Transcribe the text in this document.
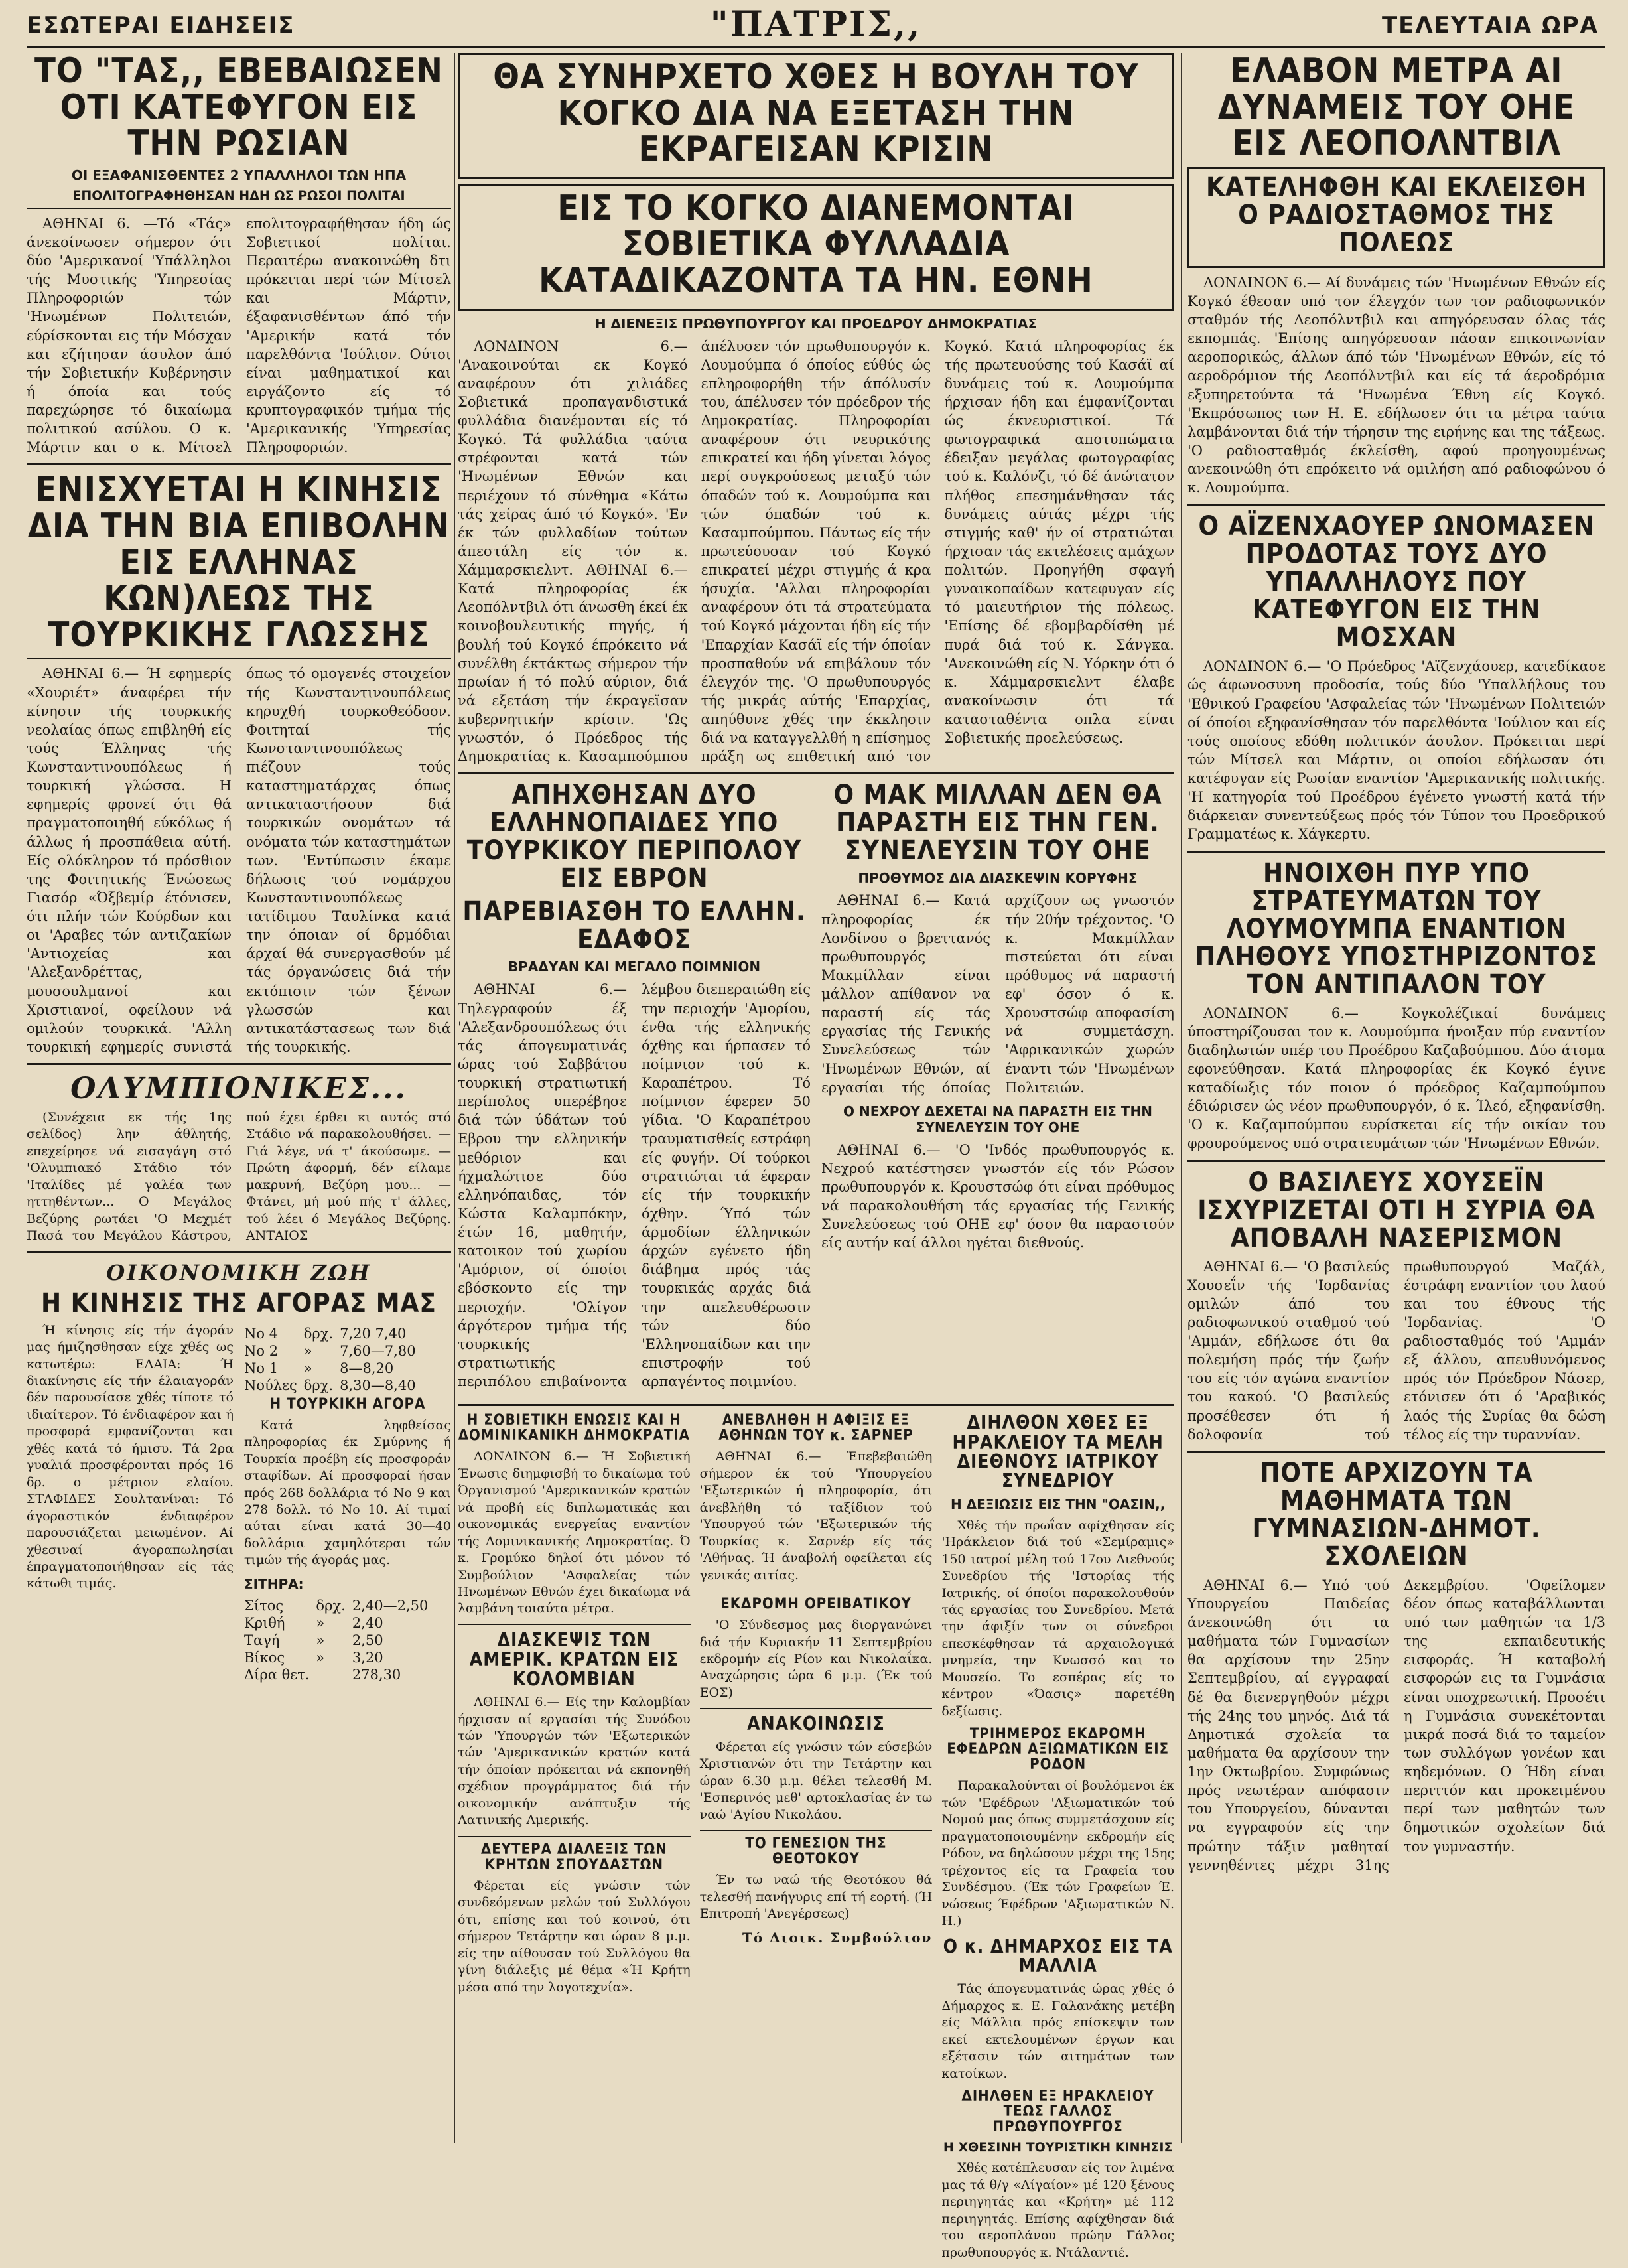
ΕΣΩΤΕΡΑΙ ΕΙΔΗΣΕΙΣ	"ΠΑΤΡΙΣ,,	ΤΕΛΕΥΤΑΙΑ ΩΡΑ
ΤΟ "ΤΑΣ,, ΕΒΕΒΑΙΩΣΕΝ ΟΤΙ ΚΑΤΕΦΥΓΟΝ ΕΙΣ ΤΗΝ ΡΩΣΙΑΝ
ΟΙ ΕΞΑΦΑΝΙΣΘΕΝΤΕΣ 2 ΥΠΑΛΛΗΛΟΙ ΤΩΝ ΗΠΑ
ΕΠΟΛΙΤΟΓΡΑΦΗΘΗΣΑΝ ΗΔΗ ΩΣ ΡΩΣΟΙ ΠΟΛΙΤΑΙ

ΑΘΗΝΑΙ 6. —Τό «Τάς» άνεκοίνωσεν σήμερον ότι δύο 'Αμερικανοί 'Υπάλληλοι τής Μυστικής 'Υπηρεσίας Πληροφοριών τών 'Ηνωμένων Πολιτειών, εύρίσκονται εις τήν Μόσχαν και εζήτησαν άσυλον άπό τήν Σοβιετικήν Κυβέρνησιν ή όποία και τούς παρεχώρησε τό δικαίωμα πολιτικού ασύλου. Ο κ. Μάρτιν και ο κ. Μίτσελ επολιτογραφήθησαν ήδη ώς Σοβιετικοί πολίται. Περαιτέρω ανακοινώθη δτι πρόκειται περί τών Μίτσελ και Μάρτιν, έξαφανισθέντων άπό τήν 'Αμερικήν κατά τόν παρελθόντα 'Ιούλιον. Ούτοι είναι μαθηματικοί και ειργάζοντο είς τό κρυπτογραφικόν τμήμα τής 'Αμερικανικής 'Υπηρεσίας Πληροφοριών.

ΕΝΙΣΧΥΕΤΑΙ Η ΚΙΝΗΣΙΣ ΔΙΑ ΤΗΝ ΒΙΑ ΕΠΙΒΟΛΗΝ ΕΙΣ ΕΛΛΗΝΑΣ ΚΩΝ)ΛΕΩΣ ΤΗΣ ΤΟΥΡΚΙΚΗΣ ΓΛΩΣΣΗΣ

ΑΘΗΝΑΙ 6.— Ή εφημερίς «Χουριέτ» άναφέρει τήν κίνησιν τής τουρκικής νεολαίας όπως επιβληθή είς τούς Έλληνας τής Κωνσταντινουπόλεως ή τουρκική γλώσσα. Η εφημερίς φρονεί ότι θά πραγματοποιηθή εύκόλως ή άλλως ή προσπάθεια αύτή. Είς ολόκληρον τό πρόσθιον της Φοιτητικής Ένώσεως Γιασόρ «Όξβεμίρ έτόνισεν, ότι πλήν τών Κούρδων και οι 'Αραβες τών αντιζακίων 'Αντιοχείας και 'Αλεξανδρέττας, μουσουλμανοί και Χριστιανοί, οφείλουν νά ομιλούν τουρκικά. 'Αλλη τουρκική εφημερίς συνιστά όπως τό ομογενές στοιχείον τής Κωνσταντινουπόλεως κηρυχθή τουρκοθεόδοον. Φοιτηταί τής Κωνσταντινουπόλεως πιέζουν τούς καταστηματάρχας όπως αντικαταστήσουν διά τουρκικών ονομάτων τά ονόματα τών καταστημάτων των. 'Εντύπωσιν έκαμε δήλωσις τού νομάρχου Κωνσταντινουπόλεως τατίδιμου Ταυλίνκα κατά την όποιαν οί δρμόδιαι άρχαί θά συνεργασθούν μέ τάς όργανώσεις διά τήν εκτόπισιν τών ξένων γλωσσών και αντικατάστασεως των διά τής τουρκικής.

ΟΛΥΜΠΙΟΝΙΚΕΣ...

(Συνέχεια εκ τής 1ης σελίδος) λην άθλητής, επεχείρησε νά εισαγάγη στό 'Ολυμπιακό Στάδιο τόν 'Ιταλίδες μέ γαλέα των ηττηθέντων... Ο Μεγάλος Βεζύρης ρωτάει 'Ο Μεχμέτ Πασά του Μεγάλου Κάστρου, πού έχει έρθει κι αυτός στό Στάδιο νά παρακολουθήσει. —Γιά λέγε, νά τ' άκούσωμε. —Πρώτη άφορμή, δέν είλαμε μακρυνή, Βεζύρη μου... —Φτάνει, μή μού πής τ' άλλες, τού λέει ό Μεγάλος Βεζύρης. ΑΝΤΑΙΟΣ

ΟΙΚΟΝΟΜΙΚΗ ΖΩΗ
Η ΚΙΝΗΣΙΣ ΤΗΣ ΑΓΟΡΑΣ ΜΑΣ

Ή κίνησις είς τήν άγοράν μας ήμιζησθησαν είχε χθές ως κατωτέρω: ΕΛΑΙΑ: Ή διακίνησις είς τήν έλαιαγοράν δέν παρουσίασε χθές τίποτε τό ιδιαίτερον. Τό ένδιαφέρον και ή προσφορά εμφανίζονται και χθές κατά τό ήμισυ. Τά 2ρα γυαλιά προσφέρονται πρός 16 δρ. ο μέτριον ελαίου. ΣΤΑΦΙΔΕΣ Σουλτανίναι: Τό άγοραστικόν ένδιαφέρον παρουσιάζεται μειωμένον. Αί χθεσιναί άγοραπωλησίαι έπραγματοποιήθησαν είς τάς κάτωθι τιμάς.

Νο 4	δρχ.	7,20 7,40
Νο 2	»	7,60—7,80
Νο 1	»	8—8,20
Νούλες	δρχ.	8,30—8,40
Η ΤΟΥΡΚΙΚΗ ΑΓΟΡΑ

Κατά ληφθείσας πληροφορίας έκ Σμύρνης ή Τουρκία προέβη είς προσφοράν σταφίδων. Αί προσφοραί ήσαν πρός 268 δολλάρια τό Νο 9 και 278 δολλ. τό Νο 10. Αί τιμαί αύται είναι κατά 30—40 δολλάρια χαμηλότεραι τών τιμών τής άγοράς μας.

ΣΙΤΗΡΑ:
Σίτος	δρχ.	2,40—2,50
Κριθή	»	2,40
Ταγή	»	2,50
Βίκος	»	3,20
Δίρα θετ.		278,30
ΘΑ ΣΥΝΗΡΧΕΤΟ ΧΘΕΣ Η ΒΟΥΛΗ ΤΟΥ ΚΟΓΚΟ ΔΙΑ ΝΑ ΕΞΕΤΑΣΗ ΤΗΝ ΕΚΡΑΓΕΙΣΑΝ ΚΡΙΣΙΝ
ΕΙΣ ΤΟ ΚΟΓΚΟ ΔΙΑΝΕΜΟΝΤΑΙ ΣΟΒΙΕΤΙΚΑ ΦΥΛΛΑΔΙΑ ΚΑΤΑΔΙΚΑΖΟΝΤΑ ΤΑ ΗΝ. ΕΘΝΗ
Η ΔΙΕΝΕΞΙΣ ΠΡΩΘΥΠΟΥΡΓΟΥ ΚΑΙ ΠΡΟΕΔΡΟΥ ΔΗΜΟΚΡΑΤΙΑΣ

ΛΟΝΔΙΝΟΝ 6.— 'Ανακοινούται εκ Κογκό αναφέρουν ότι χιλιάδες Σοβιετικά προπαγανδιστικά φυλλάδια διανέμονται είς τό Κογκό. Τά φυλλάδια ταύτα στρέφονται κατά τών 'Ηνωμένων Εθνών και περιέχουν τό σύνθημα «Κάτω τάς χείρας άπό τό Κογκό». 'Εν έκ τών φυλλαδίων τούτων άπεστάλη είς τόν κ. Χάμμαρσκιελντ. ΑΘΗΝΑΙ 6.— Κατά πληροφορίας έκ Λεοπόλντβιλ ότι άνωσθη έκεί έκ κοινοβουλευτικής πηγής, ή βουλή τού Κογκό έπρόκειτο νά συνέλθη έκτάκτως σήμερον τήν πρωίαν ή τό πολύ αύριον, διά νά εξετάση τήν έκραγεϊσαν κυβερνητικήν κρίσιν. 'Ως γνωστόν, ό Πρόεδρος τής Δημοκρατίας κ. Κασαμπούμπου άπέλυσεν τόν πρωθυπουργόν κ. Λουμούμπα ό όποίος εύθύς ώς επληροφορήθη τήν άπόλυσίν του, άπέλυσεν τόν πρόεδρον τής Δημοκρατίας. Πληροφορίαι αναφέρουν ότι νευρικότης επικρατεί και ήδη γίνεται λόγος περί συγκρούσεως μεταξύ τών όπαδών τού κ. Λουμούμπα και τών όπαδών τού κ. Κασαμπούμπου. Πάντως είς τήν πρωτεύουσαν τού Κογκό επικρατεί μέχρι στιγμής ά κρα ήσυχία. 'Αλλαι πληροφορίαι αναφέρουν ότι τά στρατεύματα τού Κογκό μάχονται ήδη είς τήν 'Επαρχίαν Κασάϊ είς τήν όποίαν προσπαθούν νά επιβάλουν τόν έλεγχόν της. 'Ο πρωθυπουργός τής μικράς αύτής 'Επαρχίας, απηύθυνε χθές την έκκλησιν διά να καταγγελλθή η επίσημος πράξη ως επιθετική από τον Κογκό. Κατά πληροφορίας έκ τής πρωτευούσης τού Κασάϊ αί δυνάμεις τού κ. Λουμούμπα ήρχισαν ήδη και έμφανίζονται ώς έκνευριστικοί. Τά φωτογραφικά αποτυπώματα έδειξαν μεγάλας φωτογραφίας τού κ. Καλόνζι, τό δέ άνώτατον πλήθος επεσημάνθησαν τάς δυνάμεις αύτάς μέχρι τής στιγμής καθ' ήν οί στρατιώται ήρχισαν τάς εκτελέσεις αμάχων πολιτών. Προηγήθη σφαγή γυναικοπαίδων κατεφυγαν είς τό μαιευτήριον τής πόλεως. 'Επίσης δέ εβομβαρδίσθη μέ πυρά διά τού κ. Σάνγκα. 'Ανεκοινώθη είς Ν. Υόρκην ότι ό κ. Χάμμαρσκιελντ έλαβε ανακοίνωσιν ότι τά κατασταθέντα οπλα είναι Σοβιετικής προελεύσεως.

ΑΠΗΧΘΗΣΑΝ ΔΥΟ ΕΛΛΗΝΟΠΑΙΔΕΣ ΥΠΟ ΤΟΥΡΚΙΚΟΥ ΠΕΡΙΠΟΛΟΥ ΕΙΣ ΕΒΡΟΝ
ΠΑΡΕΒΙΑΣΘΗ ΤΟ ΕΛΛΗΝ. ΕΔΑΦΟΣ
ΒΡΑΔΥΑΝ ΚΑΙ ΜΕΓΑΛΟ ΠΟΙΜΝΙΟΝ

ΑΘΗΝΑΙ 6.— Τηλεγραφούν έξ 'Αλεξανδρουπόλεως ότι τάς άπογευματινάς ώρας τού Σαββάτου τουρκική στρατιωτική περίπολος υπερέβησε διά τών ύδάτων τού Εβρου την ελληνικήν μεθόριον και ήχμαλώτισε δύο ελληνόπαιδας, τόν Κώστα Καλαμπόκην, έτών 16, μαθητήν, κατοικον τού χωρίου 'Αμόριον, οί όποίοι εβόσκοντο είς την περιοχήν. 'Ολίγον άργότερον τμήμα τής τουρκικής στρατιωτικής περιπόλου επιβαίνοντα λέμβου διεπεραιώθη είς την περιοχήν 'Αμορίου, ένθα τής ελληνικής όχθης και ήρπασεν τό ποίμνιον τού κ. Καραπέτρου. Τό ποίμνιον έφερεν 50 γίδια. 'Ο Καραπέτρου τραυματισθείς εστράφη είς φυγήν. Οί τούρκοι στρατιώται τά έφεραν είς τήν τουρκικήν όχθην. Ύπό τών άρμοδίων έλληνικών άρχών εγένετο ήδη διάβημα πρός τάς τουρκικάς αρχάς διά την απελευθέρωσιν τών δύο 'Ελληνοπαίδων και την επιστροφήν τού αρπαγέντος ποιμνίου.

Ο ΜΑΚ ΜΙΛΛΑΝ ΔΕΝ ΘΑ ΠΑΡΑΣΤΗ ΕΙΣ ΤΗΝ ΓΕΝ. ΣΥΝΕΛΕΥΣΙΝ ΤΟΥ ΟΗΕ
ΠΡΟΘΥΜΟΣ ΔΙΑ ΔΙΑΣΚΕΨΙΝ ΚΟΡΥΦΗΣ

ΑΘΗΝΑΙ 6.— Κατά πληροφορίας έκ Λονδίνου ο βρεττανός πρωθυπουργός Μακμίλλαν είναι μάλλον απίθανον να παραστή είς τάς εργασίας τής Γενικής Συνελεύσεως τών 'Ηνωμένων Εθνών, αί εργασίαι τής όποίας αρχίζουν ως γνωστόν τήν 20ήν τρέχοντος. 'Ο κ. Μακμίλλαν πιστεύεται ότι είναι πρόθυμος νά παραστή εφ' όσον ό κ. Χρουστσώφ αποφασίση νά συμμετάσχη. 'Αφρικανικών χωρών έναντι τών 'Ηνωμένων Πολιτειών.

Ο ΝΕΧΡΟΥ ΔΕΧΕΤΑΙ ΝΑ ΠΑΡΑΣΤΗ ΕΙΣ ΤΗΝ ΣΥΝΕΛΕΥΣΙΝ ΤΟΥ ΟΗΕ

ΑΘΗΝΑΙ 6.— 'Ο 'Ινδός πρωθυπουργός κ. Νεχρού κατέστησεν γνωστόν είς τόν Ρώσον πρωθυπουργόν κ. Κρουστσώφ ότι είναι πρόθυμος νά παρακολουθήση τάς εργασίας τής Γενικής Συνελεύσεως τού ΟΗΕ εφ' όσον θα παραστούν είς αυτήν καί άλλοι ηγέται διεθνούς.

Η ΣΟΒΙΕΤΙΚΗ ΕΝΩΣΙΣ ΚΑΙ Η ΔΟΜΙΝΙΚΑΝΙΚΗ ΔΗΜΟΚΡΑΤΙΑ

ΛΟΝΔΙΝΟΝ 6.— Ή Σοβιετική Ένωσις διημφισβή το δικαίωμα τού Όργανισμού 'Αμερικανικών κρατών νά προβή είς διπλωματικάς και οικονομικάς ενεργείας εναντίον τής Δομινικανικής Δημοκρατίας. Ό κ. Γρομύκο δηλοί ότι μόνον τό Συμβούλιον 'Ασφαλείας τών Ηνωμένων Εθνών έχει δικαίωμα νά λαμβάνη τοιαύτα μέτρα.

ΔΙΑΣΚΕΨΙΣ ΤΩΝ ΑΜΕΡΙΚ. ΚΡΑΤΩΝ ΕΙΣ ΚΟΛΟΜΒΙΑΝ

ΑΘΗΝΑΙ 6.— Είς την Καλομβίαν ήρχισαν αί εργασίαι τής Συνόδου τών 'Υπουργών τών 'Εξωτερικών τών 'Αμερικανικών κρατών κατά τήν όποίαν πρόκειται νά εκπονηθή σχέδιον προγράμματος διά τήν οικονομικήν ανάπτυξιν τής Λατινικής Αμερικής.

ΔΕΥΤΕΡΑ ΔΙΑΛΕΞΙΣ ΤΩΝ ΚΡΗΤΩΝ ΣΠΟΥΔΑΣΤΩΝ

Φέρεται είς γνώσιν τών συνδεόμενων μελών τού Συλλόγου ότι, επίσης και τού κοινού, ότι σήμερον Τετάρτην και ώραν 8 μ.μ. είς την αίθουσαν τού Συλλόγου θα γίνη διάλεξις μέ θέμα «Ή Κρήτη μέσα από την λογοτεχνία».

ΑΝΕΒΛΗΘΗ Η ΑΦΙΞΙΣ ΕΞ ΑΘΗΝΩΝ ΤΟΥ κ. ΣΑΡΝΕΡ

ΑΘΗΝΑΙ 6.— Έπεβεβαιώθη σήμερον έκ τού 'Υπουργείου 'Εξωτερικών ή πληροφορία, ότι άνεβλήθη τό ταξίδιον τού 'Υπουργού τών 'Εξωτερικών τής Τουρκίας κ. Σαρνέρ είς τάς 'Αθήνας. Ή άναβολή οφείλεται είς γενικάς αιτίας.

ΕΚΔΡΟΜΗ ΟΡΕΙΒΑΤΙΚΟΥ

'Ο Σύνδεσμος μας διοργανώνει διά τήν Κυριακήν 11 Σεπτεμβρίου εκδρομήν είς Ρίον και Νικολαΐκα. Αναχώρησις ώρα 6 μ.μ. (Έκ τού ΕΟΣ)

ΑΝΑΚΟΙΝΩΣΙΣ

Φέρεται είς γνώσιν τών εύσεβών Χριστιανών ότι την Τετάρτην και ώραν 6.30 μ.μ. θέλει τελεσθή Μ. 'Εσπερινός μεθ' αρτοκλασίας έν τω ναώ 'Αγίου Νικολάου.

ΤΟ ΓΕΝΕΣΙΟΝ ΤΗΣ ΘΕΟΤΟΚΟΥ

Έν τω ναώ τής Θεοτόκου θά τελεσθή πανήγυρις επί τή εορτή. (Ή Επιτροπή 'Ανεγέρσεως)

Τό Διοικ. Συμβούλιον
ΔΙΗΛΘΟΝ ΧΘΕΣ ΕΞ ΗΡΑΚΛΕΙΟΥ ΤΑ ΜΕΛΗ ΔΙΕΘΝΟΥΣ ΙΑΤΡΙΚΟΥ ΣΥΝΕΔΡΙΟΥ
Η ΔΕΞΙΩΣΙΣ ΕΙΣ ΤΗΝ "ΟΑΣΙΝ,,

Χθές τήν πρωΐαν αφίχθησαν είς 'Ηράκλειον διά τού «Σεμίραμις» 150 ιατροί μέλη τού 17ου Διεθνούς Συνεδρίου τής 'Ιστορίας τής Ιατρικής, οί όποίοι παρακολουθούν τάς εργασίας του Συνεδρίου. Μετά την άφιξίν των οι σύνεδροι επεσκέφθησαν τά αρχαιολογικά μνημεία, την Κνωσσό και το Μουσείο. Το εσπέρας είς το κέντρον «Όασις» παρετέθη δεξίωσις.

ΤΡΙΗΜΕΡΟΣ ΕΚΔΡΟΜΗ ΕΦΕΔΡΩΝ ΑΞΙΩΜΑΤΙΚΩΝ ΕΙΣ ΡΟΔΟΝ

Παρακαλούνται οί βουλόμενοι έκ τών 'Εφέδρων 'Αξιωματικών τού Νομού μας όπως συμμετάσχουν είς πραγματοποιουμένην εκδρομήν είς Ρόδον, να δηλώσουν μέχρι της 15ης τρέχοντος είς τα Γραφεία του Συνδέσμου. (Έκ τών Γραφείων Έ. νώσεως Έφέδρων 'Αξιωματικών Ν. Η.)

Ο κ. ΔΗΜΑΡΧΟΣ ΕΙΣ ΤΑ ΜΑΛΛΙΑ

Τάς άπογευματινάς ώρας χθές ό Δήμαρχος κ. Ε. Γαλανάκης μετέβη είς Μάλλια πρός επίσκεψιν των εκεί εκτελουμένων έργων και εξέτασιν τών αιτημάτων των κατοίκων.

ΔΙΗΛΘΕΝ ΕΞ ΗΡΑΚΛΕΙΟΥ ΤΕΩΣ ΓΑΛΛΟΣ ΠΡΩΘΥΠΟΥΡΓΟΣ
Η ΧΘΕΣΙΝΗ ΤΟΥΡΙΣΤΙΚΗ ΚΙΝΗΣΙΣ

Χθές κατέπλευσαν είς τον λιμένα μας τά θ/γ «Αίγαίον» μέ 120 ξένους περιηγητάς και «Κρήτη» μέ 112 περιηγητάς. Επίσης αφίχθησαν διά του αεροπλάνου πρώην Γάλλος πρωθυπουργός κ. Ντάλαντιέ.

ΕΛΑΒΟΝ ΜΕΤΡΑ ΑΙ ΔΥΝΑΜΕΙΣ ΤΟΥ ΟΗΕ ΕΙΣ ΛΕΟΠΟΛΝΤΒΙΛ
ΚΑΤΕΛΗΦΘΗ ΚΑΙ ΕΚΛΕΙΣΘΗ Ο ΡΑΔΙΟΣΤΑΘΜΟΣ ΤΗΣ ΠΟΛΕΩΣ

ΛΟΝΔΙΝΟΝ 6.— Αί δυνάμεις τών 'Ηνωμένων Εθνών είς Κογκό έθεσαν υπό τον έλεγχόν των τον ραδιοφωνικόν σταθμόν τής Λεοπόλντβιλ και απηγόρευσαν όλας τάς εκπομπάς. 'Επίσης απηγόρευσαν πάσαν επικοινωνίαν αεροπορικώς, άλλων άπό τών 'Ηνωμένων Εθνών, είς τό αεροδρόμιον τής Λεοπόλντβιλ και είς τά άεροδρόμια εξυπηρετούντα τά 'Ηνωμένα Έθνη είς Κογκό. 'Εκπρόσωπος των Η. Ε. εδήλωσεν ότι τα μέτρα ταύτα λαμβάνονται διά τήν τήρησιν της ειρήνης και της τάξεως. 'Ο ραδιοσταθμός έκλείσθη, αφού προηγουμένως ανεκοινώθη ότι επρόκειτο νά ομιλήση από ραδιοφώνου ό κ. Λουμούμπα.

Ο ΑΪΖΕΝΧΑΟΥΕΡ ΩΝΟΜΑΣΕΝ ΠΡΟΔΟΤΑΣ ΤΟΥΣ ΔΥΟ ΥΠΑΛΛΗΛΟΥΣ ΠΟΥ ΚΑΤΕΦΥΓΟΝ ΕΙΣ ΤΗΝ ΜΟΣΧΑΝ

ΛΟΝΔΙΝΟΝ 6.— 'Ο Πρόεδρος 'Αϊζενχάουερ, κατεδίκασε ώς άφωνοσυνη προδοσία, τούς δύο 'Υπαλλήλους του 'Εθνικού Γραφείου 'Ασφαλείας τών 'Ηνωμένων Πολιτειών οί όποίοι εξηφανίσθησαν τόν παρελθόντα 'Ιούλιον και είς τούς οποίους εδόθη πολιτικόν άσυλον. Πρόκειται περί τών Μίτσελ και Μάρτιν, οι οποίοι εδήλωσαν ότι κατέφυγαν είς Ρωσίαν εναντίον 'Αμερικανικής πολιτικής. 'Η κατηγορία τού Προέδρου έγένετο γνωστή κατά τήν διάρκειαν συνεντεύξεως πρός τόν Τύπον του Προεδρικού Γραμματέως κ. Χάγκερτυ.

ΗΝΟΙΧΘΗ ΠΥΡ ΥΠΟ ΣΤΡΑΤΕΥΜΑΤΩΝ ΤΟΥ ΛΟΥΜΟΥΜΠΑ ΕΝΑΝΤΙΟΝ ΠΛΗΘΟΥΣ ΥΠΟΣΤΗΡΙΖΟΝΤΟΣ ΤΟΝ ΑΝΤΙΠΑΛΟΝ ΤΟΥ

ΛΟΝΔΙΝΟΝ 6.— Κογκολέζικαί δυνάμεις ύποστηρίζουσαι τον κ. Λουμούμπα ήνοιξαν πύρ εναντίον διαδηλωτών υπέρ του Προέδρου Καζαβούμπου. Δύο άτομα εφονεύθησαν. Κατά πληροφορίας έκ Κογκό έγινε καταδίωξις τόν ποιον ό πρόεδρος Καζαμπούμπου έδιώρισεν ώς νέον πρωθυπουργόν, ό κ. Ίλεό, εξηφανίσθη. 'Ο κ. Καζαμπούμπου ευρίσκεται είς τήν οικίαν του φρουρούμενος υπό στρατευμάτων τών 'Ηνωμένων Εθνών.

Ο ΒΑΣΙΛΕΥΣ ΧΟΥΣΕΪΝ ΙΣΧΥΡΙΖΕΤΑΙ ΟΤΙ Η ΣΥΡΙΑ ΘΑ ΑΠΟΒΑΛΗ ΝΑΣΕΡΙΣΜΟΝ

ΑΘΗΝΑΙ 6.— 'Ο βασιλεύς Χουσεΐν τής 'Ιορδανίας ομιλών άπό του ραδιοφωνικού σταθμού τού 'Αμμάν, εδήλωσε ότι θα πολεμήση πρός τήν ζωήν του είς τόν αγώνα εναντίον του κακού. 'Ο βασιλεύς προσέθεσεν ότι ή δολοφονία τού πρωθυπουργού Μαζάλ, έστράφη εναντίον του λαού και του έθνους τής 'Ιορδανίας. 'Ο ραδιοσταθμός τού 'Αμμάν εξ άλλου, απευθυνόμενος πρός τόν Πρόεδρον Νάσερ, ετόνισεν ότι ό 'Αραβικός λαός τής Συρίας θα δώση τέλος είς την τυραννίαν.

ΠΟΤΕ ΑΡΧΙΖΟΥΝ ΤΑ ΜΑΘΗΜΑΤΑ ΤΩΝ ΓΥΜΝΑΣΙΩΝ-ΔΗΜΟΤ. ΣΧΟΛΕΙΩΝ

ΑΘΗΝΑΙ 6.— Υπό τού Υπουργείου Παιδείας άνεκοινώθη ότι τα μαθήματα τών Γυμνασίων θα αρχίσουν την 25ην Σεπτεμβρίου, αί εγγραφαί δέ θα διενεργηθούν μέχρι τής 24ης του μηνός. Διά τά Δημοτικά σχολεία τα μαθήματα θα αρχίσουν την 1ην Οκτωβρίου. Συμφώνως πρός νεωτέραν απόφασιν του Υπουργείου, δύνανται να εγγραφούν είς την πρώτην τάξιν μαθηταί γεννηθέντες μέχρι 31ης Δεκεμβρίου. 'Οφείλομεν δέον όπως καταβάλλωνται υπό των μαθητών τα 1/3 της εκπαιδευτικής εισφοράς. Ή καταβολή εισφορών εις τα Γυμνάσια είναι υποχρεωτική. Προσέτι η Γυμνάσια συνεκέτονται μικρά ποσά διά το ταμείον των συλλόγων γονέων και κηδεμόνων. Ο Ήδη είναι περιττόν και προκειμένου περί των μαθητών των δημοτικών σχολείων διά τον γυμναστήν.
